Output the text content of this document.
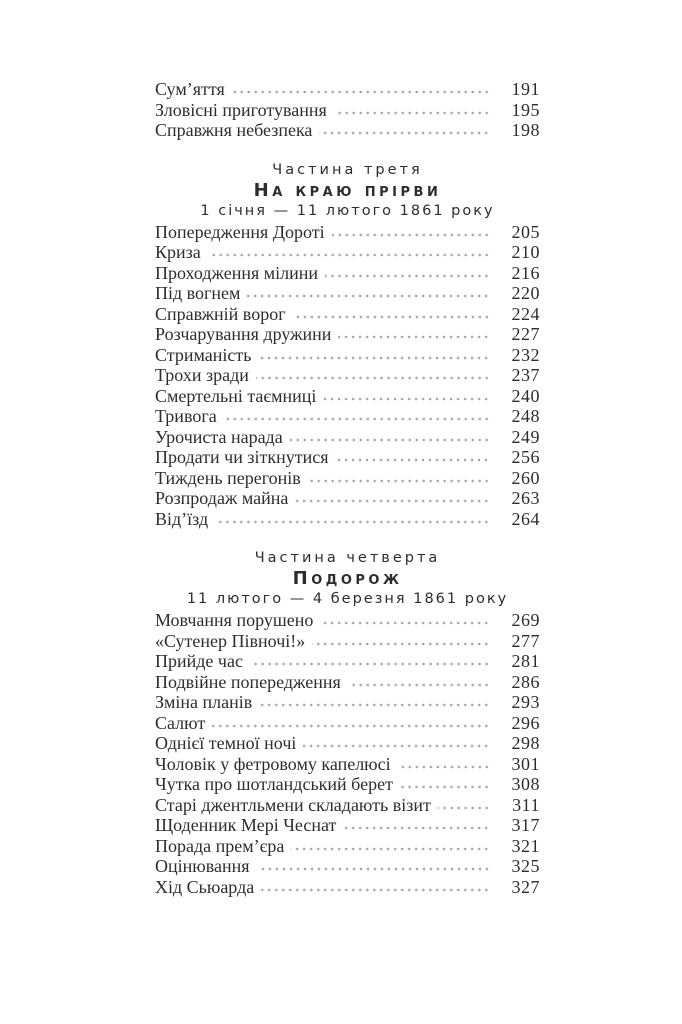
Сум’яття	191
Зловісні приготування	195
Справжня небезпека	198
Частина третя
На краю прірви
1 січня — 11 лютого 1861 року
Попередження Дороті	205
Криза	210
Проходження мілини	216
Під вогнем	220
Справжній ворог	224
Розчарування дружини	227
Стриманість	232
Трохи зради	237
Смертельні таємниці	240
Тривога	248
Урочиста нарада	249
Продати чи зіткнутися	256
Тиждень перегонів	260
Розпродаж майна	263
Від’їзд	264
Частина четверта
Подорож
11 лютого — 4 березня 1861 року
Мовчання порушено	269
«Сутенер Півночі!»	277
Прийде час	281
Подвійне попередження	286
Зміна планів	293
Салют	296
Однієї темної ночі	298
Чоловік у фетровому капелюсі	301
Чутка про шотландський берет	308
Старі джентльмени складають візит	311
Щоденник Мері Чеснат	317
Порада прем’єра	321
Оцінювання	325
Хід Сьюарда	327
